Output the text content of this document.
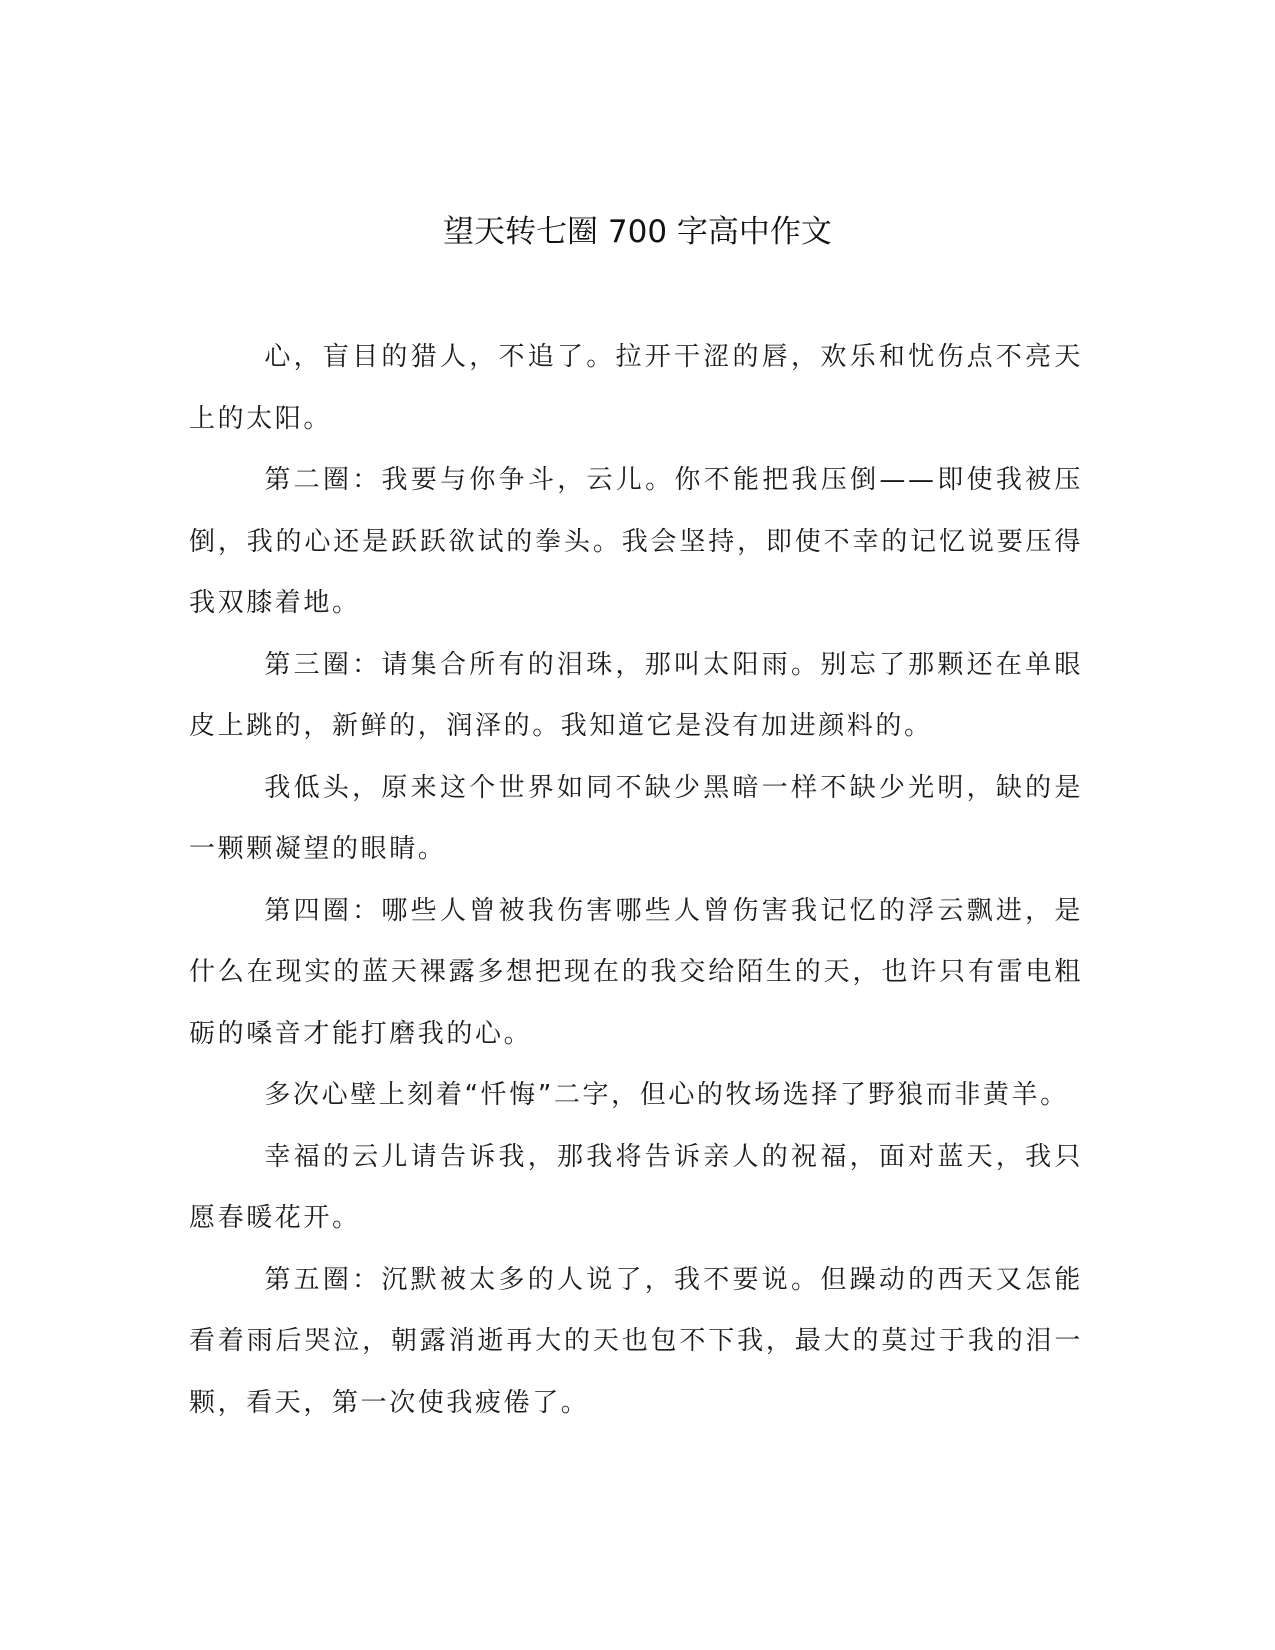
望天转七圈 700 字高中作文

心，盲目的猎人，不追了。拉开干涩的唇，欢乐和忧伤点不亮天上的太阳。

第二圈：我要与你争斗，云儿。你不能把我压倒——即使我被压倒，我的心还是跃跃欲试的拳头。我会坚持，即使不幸的记忆说要压得我双膝着地。

第三圈：请集合所有的泪珠，那叫太阳雨。别忘了那颗还在单眼皮上跳的，新鲜的，润泽的。我知道它是没有加进颜料的。

我低头，原来这个世界如同不缺少黑暗一样不缺少光明，缺的是一颗颗凝望的眼睛。

第四圈：哪些人曾被我伤害哪些人曾伤害我记忆的浮云飘进，是什么在现实的蓝天裸露多想把现在的我交给陌生的天，也许只有雷电粗砺的嗓音才能打磨我的心。

多次心壁上刻着“忏悔”二字，但心的牧场选择了野狼而非黄羊。

幸福的云儿请告诉我，那我将告诉亲人的祝福，面对蓝天，我只愿春暖花开。

第五圈：沉默被太多的人说了，我不要说。但躁动的西天又怎能看着雨后哭泣，朝露消逝再大的天也包不下我，最大的莫过于我的泪一颗，看天，第一次使我疲倦了。
